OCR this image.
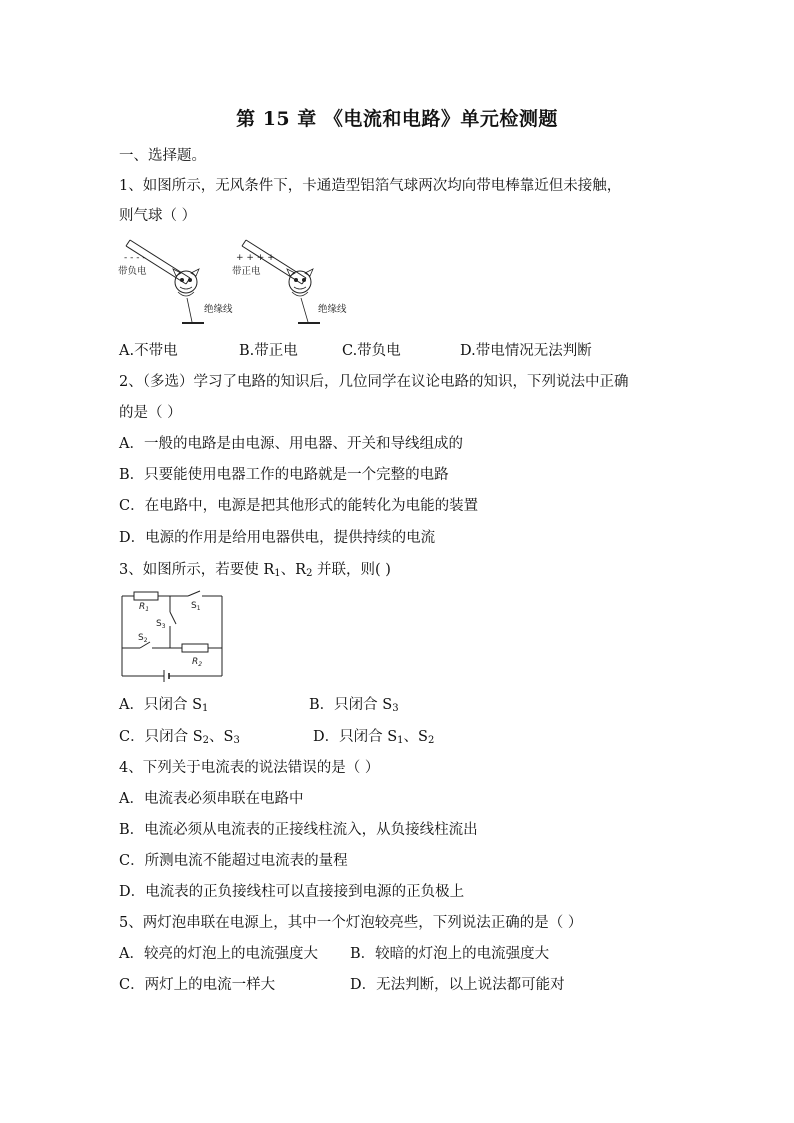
第 15 章 《电流和电路》单元检测题
一、选择题。
1、如图所示，无风条件下，卡通造型铝箔气球两次均向带电棒靠近但未接触，
则气球（ ）
- - - -
带负电
绝缘线
+ + + +
带正电
绝缘线
A.不带电	B.带正电	C.带负电	D.带电情况无法判断
2、（多选）学习了电路的知识后，几位同学在议论电路的知识，下列说法中正确
的是（ ）
A．一般的电路是由电源、用电器、开关和导线组成的
B．只要能使用电器工作的电路就是一个完整的电路
C．在电路中，电源是把其他形式的能转化为电能的装置
D．电源的作用是给用电器供电，提供持续的电流
3、如图所示，若要使 $R_1$、$R_2$ 并联，则( )
$R_1$	$S_1$
$S_3$
$S_2$
$R_2$
A．只闭合 $S_1$	B．只闭合 $S_3$
C．只闭合 $S_2$、$S_3$	D．只闭合 $S_1$、$S_2$
4、下列关于电流表的说法错误的是（ ）
A．电流表必须串联在电路中
B．电流必须从电流表的正接线柱流入，从负接线柱流出
C．所测电流不能超过电流表的量程
D．电流表的正负接线柱可以直接接到电源的正负极上
5、两灯泡串联在电源上，其中一个灯泡较亮些，下列说法正确的是（ ）
A．较亮的灯泡上的电流强度大 B．较暗的灯泡上的电流强度大
C．两灯上的电流一样大	D．无法判断，以上说法都可能对
